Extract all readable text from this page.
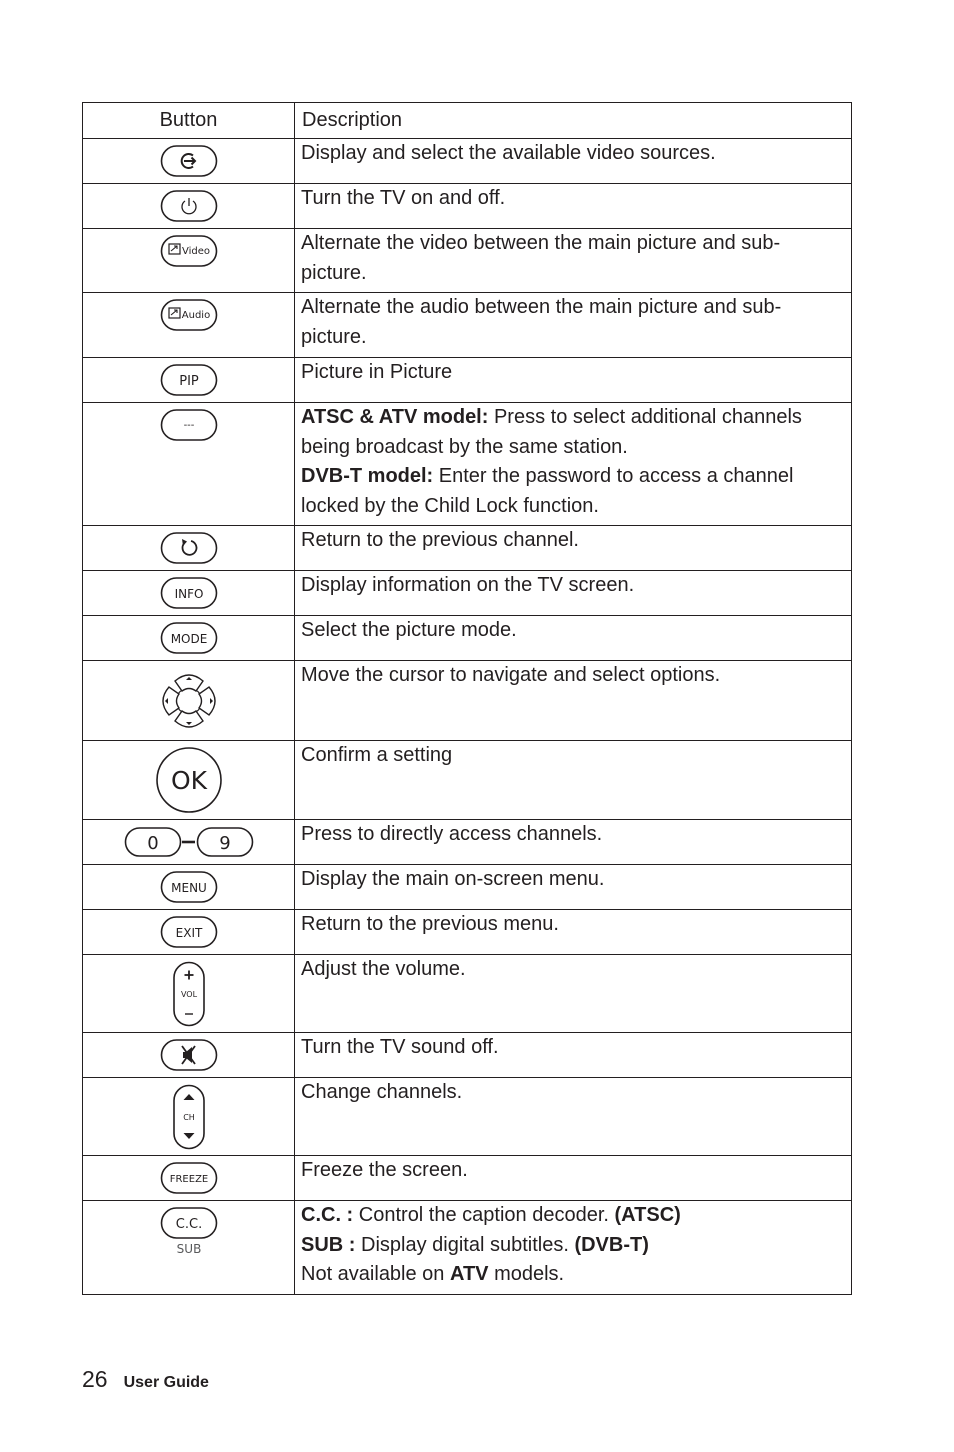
Button	Description

	Display and select the available video sources.

	Turn the TV on and off.

Video	Alternate the video between the main picture and sub-
picture.

Audio	Alternate the audio between the main picture and sub-
picture.

PIP	Picture in Picture

---	ATSC & ATV model: Press to select additional channels
being broadcast by the same station.
DVB-T model: Enter the password to access a channel
locked by the Child Lock function.

	Return to the previous channel.

INFO	Display information on the TV screen.

MODE	Select the picture mode.

	Move the cursor to navigate and select options.

OK	Confirm a setting

0 9	Press to directly access channels.

MENU	Display the main on-screen menu.

EXIT	Return to the previous menu.

VOL	Adjust the volume.

	Turn the TV sound off.

CH	Change channels.

FREEZE	Freeze the screen.

C.C.
SUB	C.C. : Control the caption decoder. (ATSC)
SUB : Display digital subtitles. (DVB-T)
Not available on ATV models.
26 User Guide
